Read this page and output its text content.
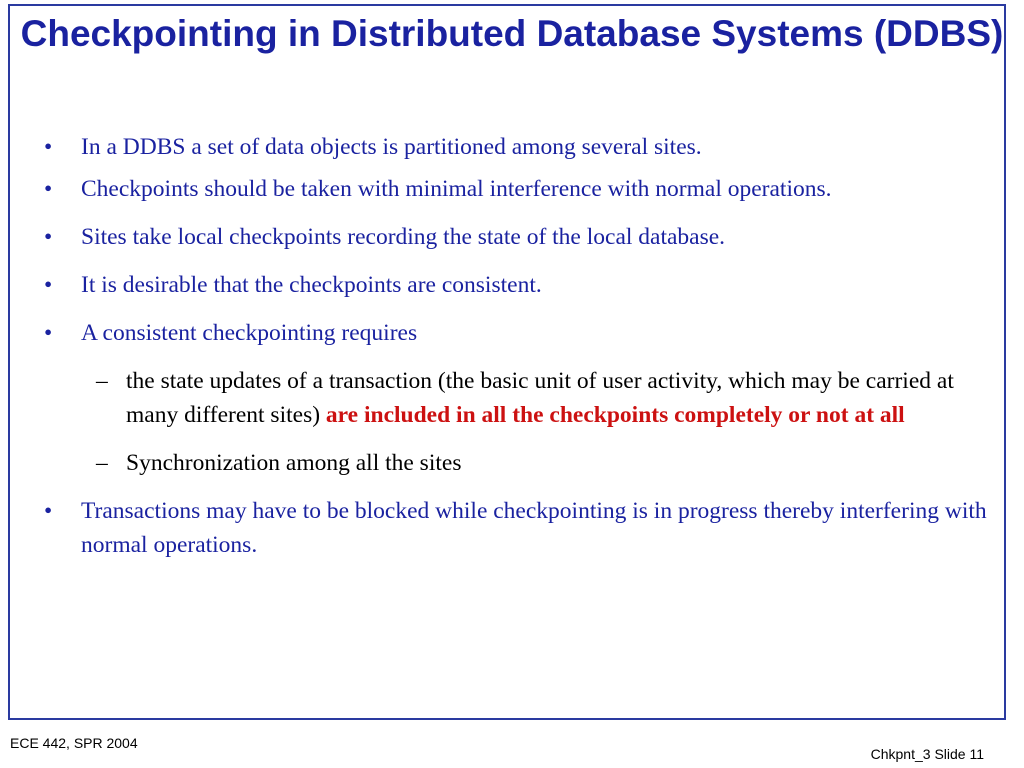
Checkpointing in Distributed Database Systems (DDBS)
• In a DDBS a set of data objects is partitioned among several sites.
• Checkpoints should be taken with minimal interference with normal operations.
• Sites take local checkpoints recording the state of the local database.
• It is desirable that the checkpoints are consistent.
• A consistent checkpointing requires
– the state updates of a transaction (the basic unit of user activity, which may be carried at many different sites) are included in all the checkpoints completely or not at all
– Synchronization among all the sites
• Transactions may have to be blocked while checkpointing is in progress thereby interfering with normal operations.
ECE 442, SPR 2004
Chkpnt_3 Slide 11
